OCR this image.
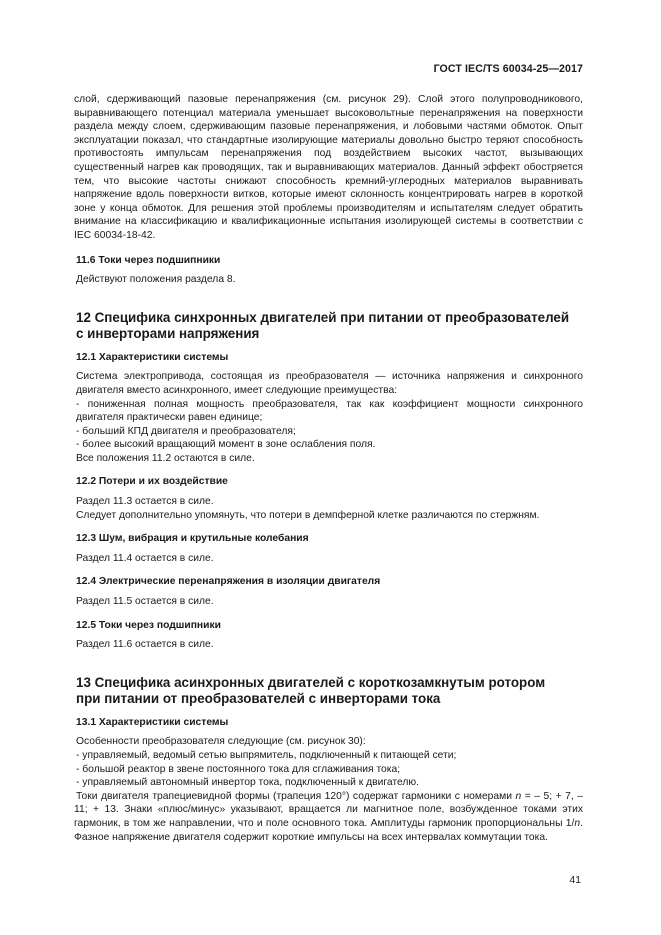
ГОСТ IEC/TS 60034-25—2017

слой, сдерживающий пазовые перенапряжения (см. рисунок 29). Слой этого полупроводникового, выравнивающего потенциал материала уменьшает высоковольтные перенапряжения на поверхности раздела между слоем, сдерживающим пазовые перенапряжения, и лобовыми частями обмоток. Опыт эксплуатации показал, что стандартные изолирующие материалы довольно быстро теряют способность противостоять импульсам перенапряжения под воздействием высоких частот, вызывающих существенный нагрев как проводящих, так и выравнивающих материалов. Данный эффект обостряется тем, что высокие частоты снижают способность кремний-углеродных материалов выравнивать напряжение вдоль поверхности витков, которые имеют склонность концентрировать нагрев в короткой зоне у конца обмоток. Для решения этой проблемы производителям и испытателям следует обратить внимание на классификацию и квалификационные испытания изолирующей системы в соответствии с IEC 60034-18-42.

11.6 Токи через подшипники

Действуют положения раздела 8.

12 Специфика синхронных двигателей при питании от преобразователей
с инверторами напряжения
12.1 Характеристики системы

Система электропривода, состоящая из преобразователя — источника напряжения и синхронного двигателя вместо асинхронного, имеет следующие преимущества:

- пониженная полная мощность преобразователя, так как коэффициент мощности синхронного двигателя практически равен единице;

- больший КПД двигателя и преобразователя;

- более высокий вращающий момент в зоне ослабления поля.

Все положения 11.2 остаются в силе.

12.2 Потери и их воздействие

Раздел 11.3 остается в силе.

Следует дополнительно упомянуть, что потери в демпферной клетке различаются по стержням.

12.3 Шум, вибрация и крутильные колебания

Раздел 11.4 остается в силе.

12.4 Электрические перенапряжения в изоляции двигателя

Раздел 11.5 остается в силе.

12.5 Токи через подшипники

Раздел 11.6 остается в силе.

13 Специфика асинхронных двигателей с короткозамкнутым ротором
при питании от преобразователей с инверторами тока
13.1 Характеристики системы

Особенности преобразователя следующие (см. рисунок 30):

- управляемый, ведомый сетью выпрямитель, подключенный к питающей сети;

- большой реактор в звене постоянного тока для сглаживания тока;

- управляемый автономный инвертор тока, подключенный к двигателю.

Токи двигателя трапециевидной формы (трапеция 120°) содержат гармоники с номерами n = – 5; + 7, – 11; + 13. Знаки «плюс/минус» указывают, вращается ли магнитное поле, возбужденное токами этих гармоник, в том же направлении, что и поле основного тока. Амплитуды гармоник пропорциональны 1/n. Фазное напряжение двигателя содержит короткие импульсы на всех интервалах коммутации тока.

41
